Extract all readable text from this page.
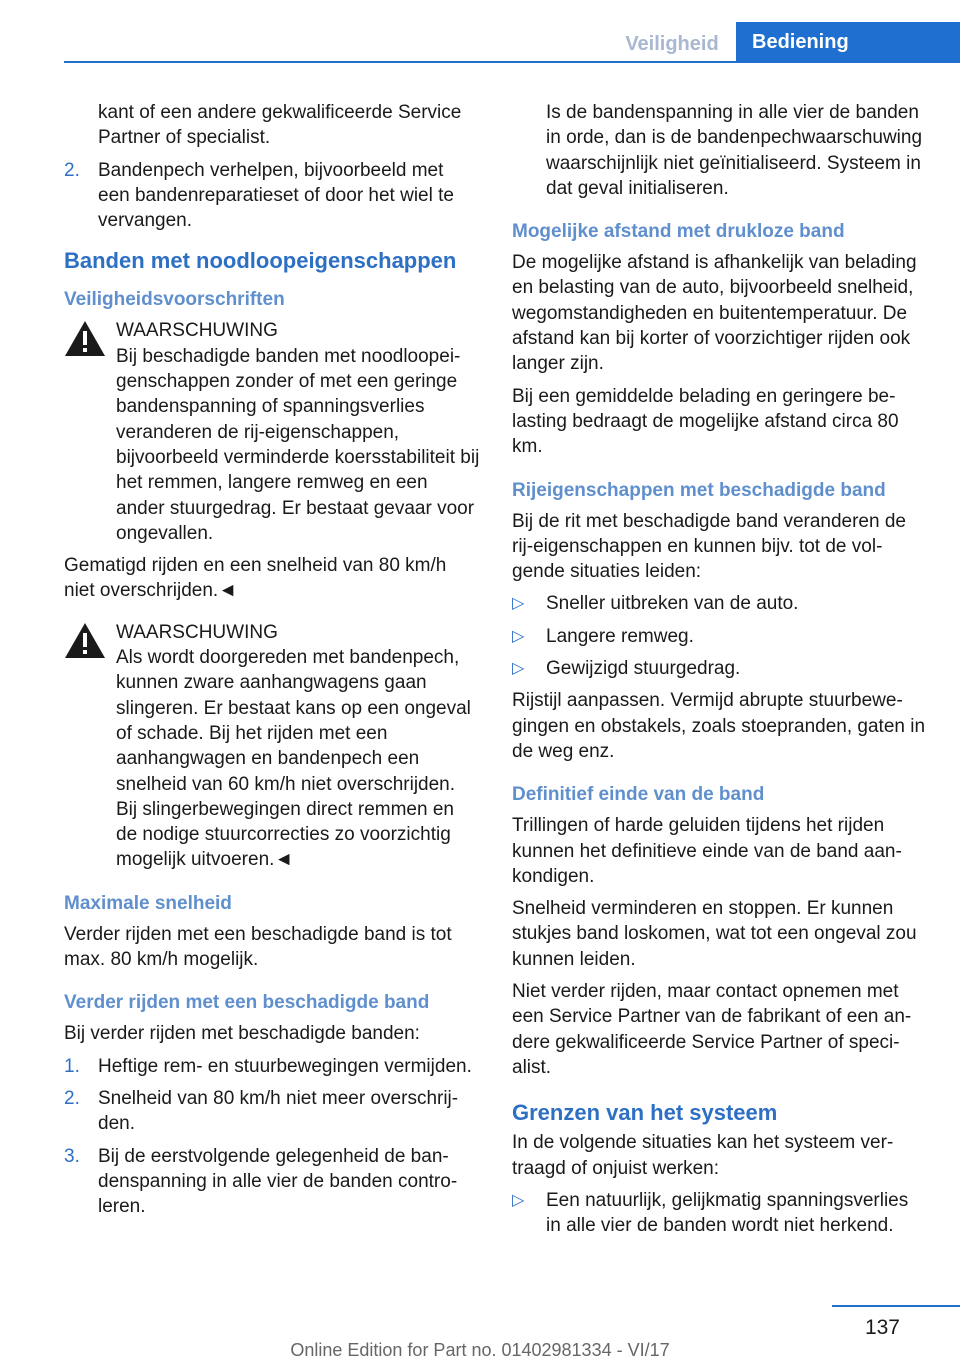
Veiligheid	Bediening

kant of een andere gekwalificeerde Service Partner of specialist.

2. Bandenpech verhelpen, bijvoorbeeld met een bandenreparatieset of door het wiel te vervangen.
Banden met noodloopeigenschappen
Veiligheidsvoorschriften
WAARSCHUWING
Bij beschadigde banden met noodloopeigenschappen zonder of met een geringe bandenspanning of spanningsverlies veranderen de rij-eigenschappen, bijvoorbeeld verminderde koersstabiliteit bij het remmen, langere remweg en een ander stuurgedrag. Er bestaat gevaar voor ongevallen.

Gematigd rijden en een snelheid van 80 km/h niet overschrijden.◄

WAARSCHUWING
Als wordt doorgereden met bandenpech, kunnen zware aanhangwagens gaan slingeren. Er bestaat kans op een ongeval of schade. Bij het rijden met een aanhangwagen en bandenpech een snelheid van 60 km/h niet overschrijden. Bij slingerbewegingen direct remmen en de nodige stuurcorrecties zo voorzichtig mogelijk uitvoeren.◄
Maximale snelheid

Verder rijden met een beschadigde band is tot max. 80 km/h mogelijk.

Verder rijden met een beschadigde band

Bij verder rijden met beschadigde banden:

1. Heftige rem- en stuurbewegingen vermijden.
2. Snelheid van 80 km/h niet meer overschrijden.
3. Bij de eerstvolgende gelegenheid de bandenspanning in alle vier de banden controleren.

Is de bandenspanning in alle vier de banden in orde, dan is de bandenpechwaarschuwing waarschijnlijk niet geïnitialiseerd. Systeem in dat geval initialiseren.

Mogelijke afstand met drukloze band

De mogelijke afstand is afhankelijk van belading en belasting van de auto, bijvoorbeeld snelheid, wegomstandigheden en buitentemperatuur. De afstand kan bij korter of voorzichtiger rijden ook langer zijn.

Bij een gemiddelde belading en geringere belasting bedraagt de mogelijke afstand circa 80 km.

Rijeigenschappen met beschadigde band

Bij de rit met beschadigde band veranderen de rij-eigenschappen en kunnen bijv. tot de volgende situaties leiden:

▷ Sneller uitbreken van de auto.
▷ Langere remweg.
▷ Gewijzigd stuurgedrag.

Rijstijl aanpassen. Vermijd abrupte stuurbewegingen en obstakels, zoals stoepranden, gaten in de weg enz.

Definitief einde van de band

Trillingen of harde geluiden tijdens het rijden kunnen het definitieve einde van de band aankondigen.

Snelheid verminderen en stoppen. Er kunnen stukjes band loskomen, wat tot een ongeval zou kunnen leiden.

Niet verder rijden, maar contact opnemen met een Service Partner van de fabrikant of een andere gekwalificeerde Service Partner of specialist.

Grenzen van het systeem

In de volgende situaties kan het systeem vertraagd of onjuist werken:

▷ Een natuurlijk, gelijkmatig spanningsverlies in alle vier de banden wordt niet herkend.
137
Online Edition for Part no. 01402981334 - VI/17
